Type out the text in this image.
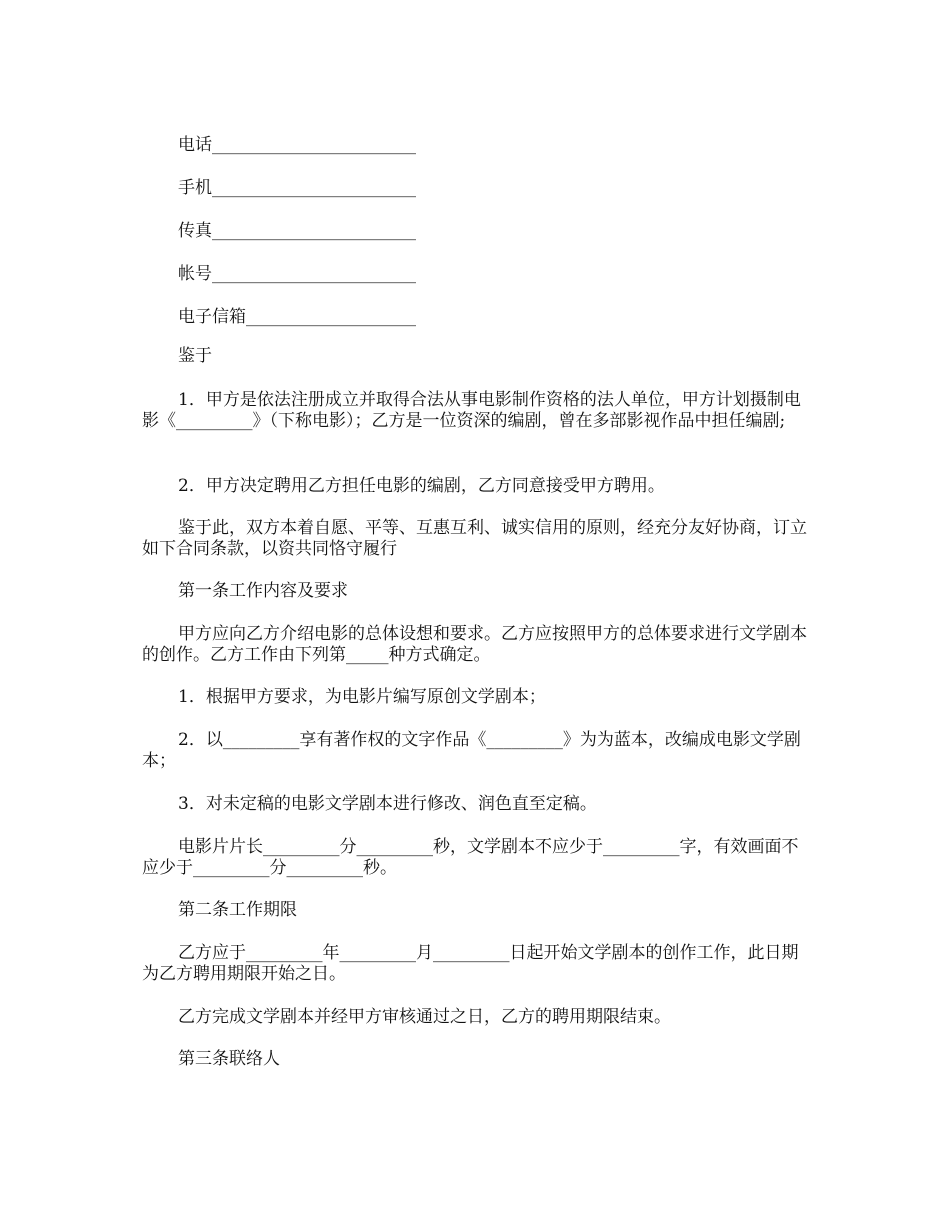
电话________________________

手机________________________

传真________________________

帐号________________________

电子信箱____________________

鉴于

1．甲方是依法注册成立并取得合法从事电影制作资格的法人单位，甲方计划摄制电影《_________》（下称电影）；乙方是一位资深的编剧，曾在多部影视作品中担任编剧;

2．甲方决定聘用乙方担任电影的编剧，乙方同意接受甲方聘用。

鉴于此，双方本着自愿、平等、互惠互利、诚实信用的原则，经充分友好协商，订立如下合同条款，以资共同恪守履行

第一条工作内容及要求

甲方应向乙方介绍电影的总体设想和要求。乙方应按照甲方的总体要求进行文学剧本的创作。乙方工作由下列第_____种方式确定。

1．根据甲方要求，为电影片编写原创文学剧本；

2．以_________享有著作权的文字作品《_________》为为蓝本，改编成电影文学剧本；

3．对未定稿的电影文学剧本进行修改、润色直至定稿。

电影片片长_________分_________秒，文学剧本不应少于_________字，有效画面不应少于_________分_________秒。

第二条工作期限

乙方应于_________年_________月_________日起开始文学剧本的创作工作，此日期为乙方聘用期限开始之日。

乙方完成文学剧本并经甲方审核通过之日，乙方的聘用期限结束。

第三条联络人
